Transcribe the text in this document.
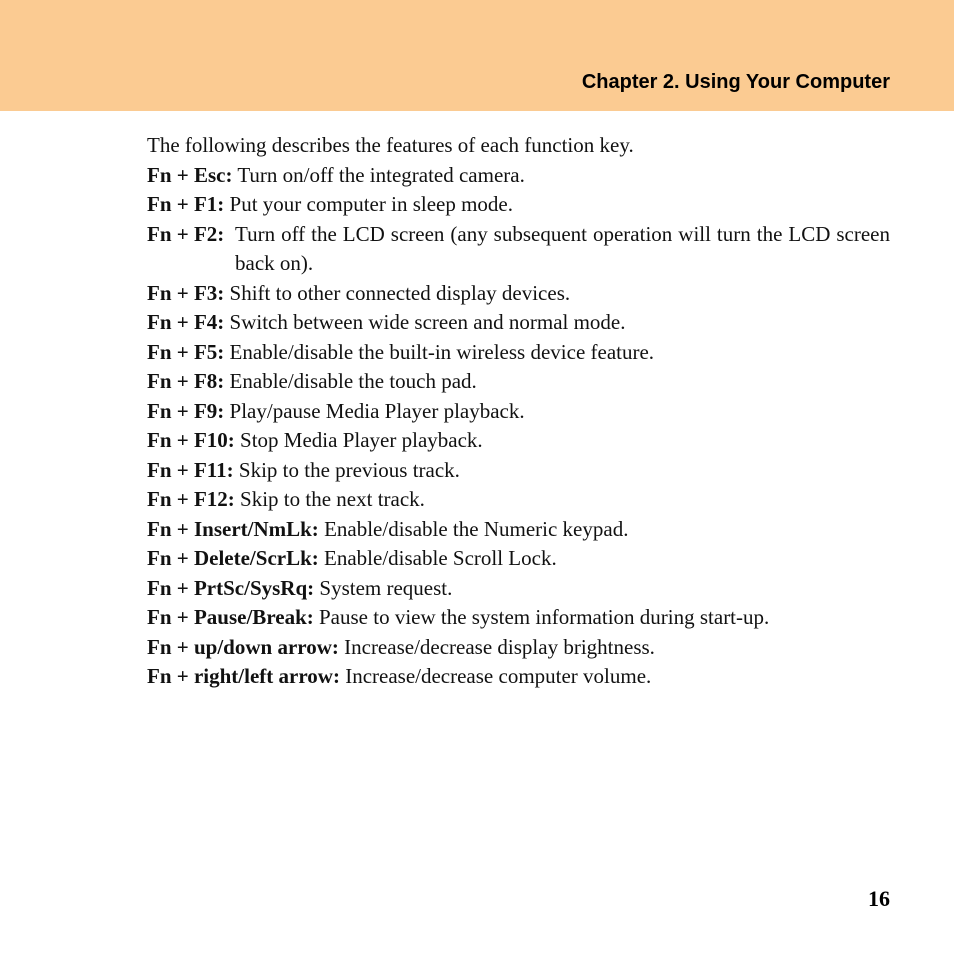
Chapter 2. Using Your Computer

The following describes the features of each function key.

Fn + Esc: Turn on/off the integrated camera.
Fn + F1: Put your computer in sleep mode.
Fn + F2: Turn off the LCD screen (any subsequent operation will turn the LCD screen back on).
Fn + F3: Shift to other connected display devices.
Fn + F4: Switch between wide screen and normal mode.
Fn + F5: Enable/disable the built-in wireless device feature.
Fn + F8: Enable/disable the touch pad.
Fn + F9: Play/pause Media Player playback.
Fn + F10: Stop Media Player playback.
Fn + F11: Skip to the previous track.
Fn + F12: Skip to the next track.
Fn + Insert/NmLk: Enable/disable the Numeric keypad.
Fn + Delete/ScrLk: Enable/disable Scroll Lock.
Fn + PrtSc/SysRq: System request.
Fn + Pause/Break: Pause to view the system information during start-up.
Fn + up/down arrow: Increase/decrease display brightness.
Fn + right/left arrow: Increase/decrease computer volume.
16
